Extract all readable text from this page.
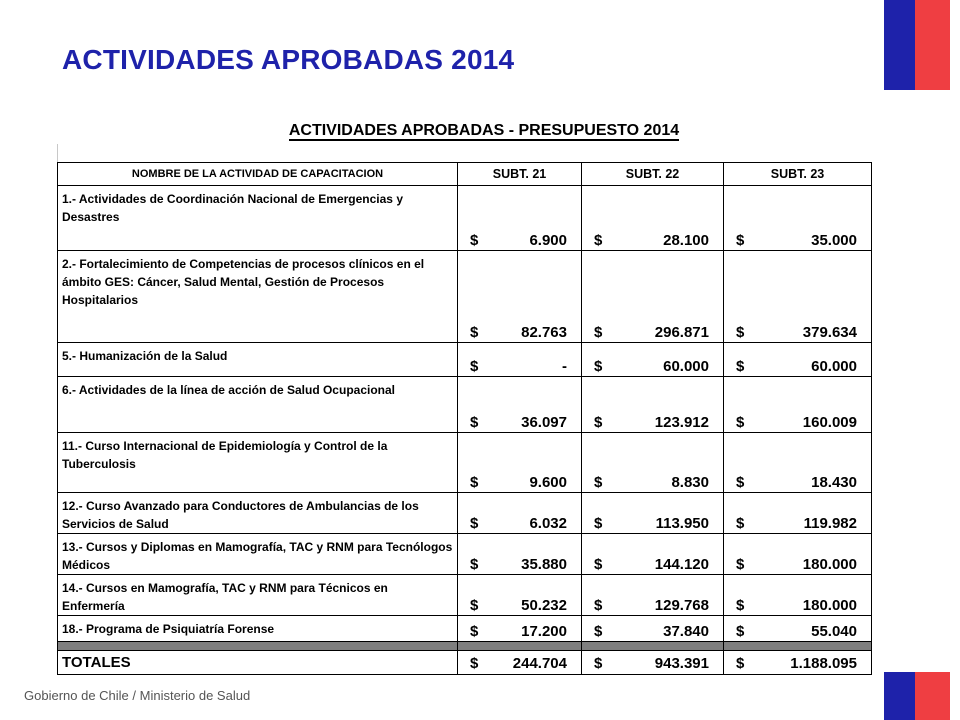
ACTIVIDADES APROBADAS 2014
ACTIVIDADES APROBADAS - PRESUPUESTO 2014
NOMBRE DE LA ACTIVIDAD DE CAPACITACION	SUBT. 21	SUBT. 22	SUBT. 23
1.- Actividades de Coordinación Nacional de Emergencias y Desastres	$ 6.900	$ 28.100	$ 35.000

2.- Fortalecimiento de Competencias de procesos clínicos en el ámbito GES: Cáncer, Salud Mental, Gestión de Procesos Hospitalarios	$ 82.763	$ 296.871	$ 379.634

5.- Humanización de la Salud	$ -	$ 60.000	$ 60.000

6.- Actividades de la línea de acción de Salud Ocupacional	$ 36.097	$ 123.912	$ 160.009

11.- Curso Internacional de Epidemiología y Control de la Tuberculosis	$ 9.600	$ 8.830	$ 18.430

12.- Curso Avanzado para Conductores de Ambulancias de los Servicios de Salud	$ 6.032	$ 113.950	$ 119.982

13.- Cursos y Diplomas en Mamografía, TAC y RNM para Tecnólogos Médicos	$ 35.880	$ 144.120	$ 180.000

14.- Cursos en Mamografía, TAC y RNM para Técnicos en Enfermería	$ 50.232	$ 129.768	$ 180.000

18.- Programa de Psiquiatría Forense	$ 17.200	$ 37.840	$ 55.040

TOTALES	$ 244.704	$ 943.391	$ 1.188.095
Gobierno de Chile / Ministerio de Salud
